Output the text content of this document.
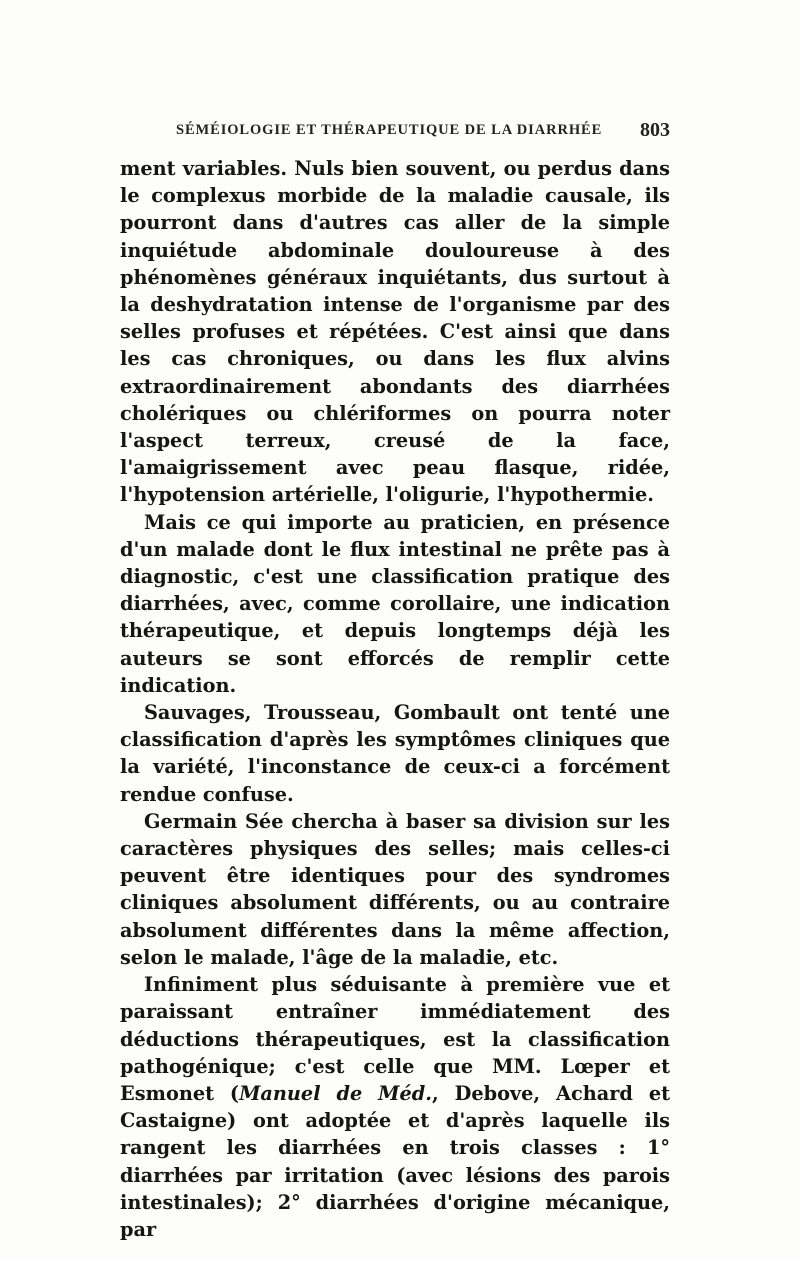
SÉMÉIOLOGIE ET THÉRAPEUTIQUE DE LA DIARRHÉE 803

ment variables. Nuls bien souvent, ou perdus dans le complexus morbide de la maladie causale, ils pourront dans d'autres cas aller de la simple inquiétude abdominale douloureuse à des phénomènes généraux inquiétants, dus surtout à la deshydratation intense de l'organisme par des selles profuses et répétées. C'est ainsi que dans les cas chroniques, ou dans les flux alvins extraordinairement abondants des diarrhées cholériques ou chlériformes on pourra noter l'aspect terreux, creusé de la face, l'amaigrissement avec peau flasque, ridée, l'hypotension artérielle, l'oligurie, l'hypothermie.

Mais ce qui importe au praticien, en présence d'un malade dont le flux intestinal ne prête pas à diagnostic, c'est une classification pratique des diarrhées, avec, comme corollaire, une indication thérapeutique, et depuis longtemps déjà les auteurs se sont efforcés de remplir cette indication.

Sauvages, Trousseau, Gombault ont tenté une classification d'après les symptômes cliniques que la variété, l'inconstance de ceux-ci a forcément rendue confuse.

Germain Sée chercha à baser sa division sur les caractères physiques des selles; mais celles-ci peuvent être identiques pour des syndromes cliniques absolument différents, ou au contraire absolument différentes dans la même affection, selon le malade, l'âge de la maladie, etc.

Infiniment plus séduisante à première vue et paraissant entraîner immédiatement des déductions thérapeutiques, est la classification pathogénique; c'est celle que MM. Lœper et Esmonet (Manuel de Méd., Debove, Achard et Castaigne) ont adoptée et d'après laquelle ils rangent les diarrhées en trois classes : 1° diarrhées par irritation (avec lésions des parois intestinales); 2° diarrhées d'origine mécanique, par
